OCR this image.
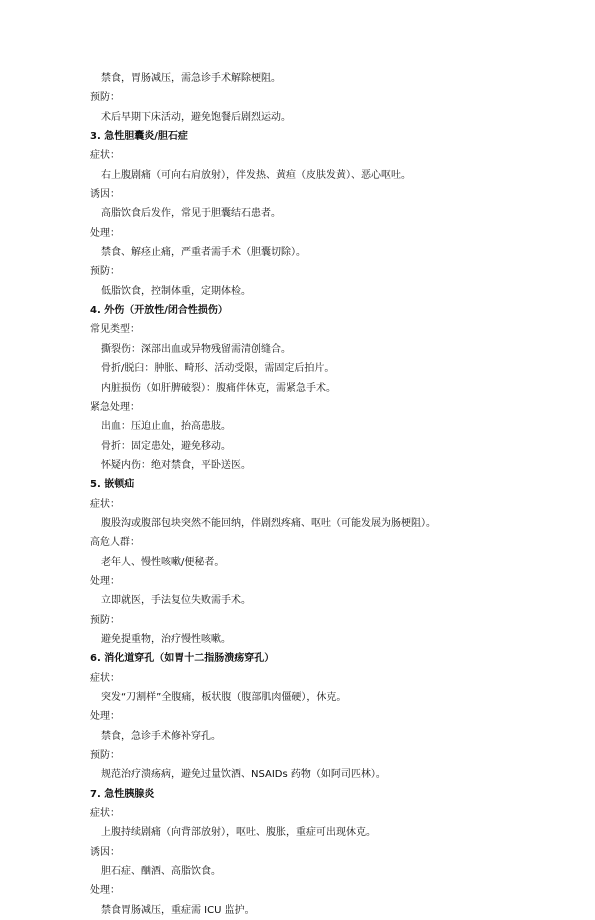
禁食，胃肠减压，需急诊手术解除梗阻。
预防：
术后早期下床活动，避免饱餐后剧烈运动。
3. 急性胆囊炎/胆石症
症状：
右上腹剧痛（可向右肩放射），伴发热、黄疸（皮肤发黄）、恶心呕吐。
诱因：
高脂饮食后发作，常见于胆囊结石患者。
处理：
禁食、解痉止痛，严重者需手术（胆囊切除）。
预防：
低脂饮食，控制体重，定期体检。
4. 外伤（开放性/闭合性损伤）
常见类型：
撕裂伤：深部出血或异物残留需清创缝合。
骨折/脱臼：肿胀、畸形、活动受限，需固定后拍片。
内脏损伤（如肝脾破裂）：腹痛伴休克，需紧急手术。
紧急处理：
出血：压迫止血，抬高患肢。
骨折：固定患处，避免移动。
怀疑内伤：绝对禁食，平卧送医。
5. 嵌顿疝
症状：
腹股沟或腹部包块突然不能回纳，伴剧烈疼痛、呕吐（可能发展为肠梗阻）。
高危人群：
老年人、慢性咳嗽/便秘者。
处理：
立即就医，手法复位失败需手术。
预防：
避免提重物，治疗慢性咳嗽。
6. 消化道穿孔（如胃十二指肠溃疡穿孔）
症状：
突发“刀割样”全腹痛，板状腹（腹部肌肉僵硬），休克。
处理：
禁食，急诊手术修补穿孔。
预防：
规范治疗溃疡病，避免过量饮酒、NSAIDs 药物（如阿司匹林）。
7. 急性胰腺炎
症状：
上腹持续剧痛（向背部放射），呕吐、腹胀，重症可出现休克。
诱因：
胆石症、酗酒、高脂饮食。
处理：
禁食胃肠减压，重症需 ICU 监护。
